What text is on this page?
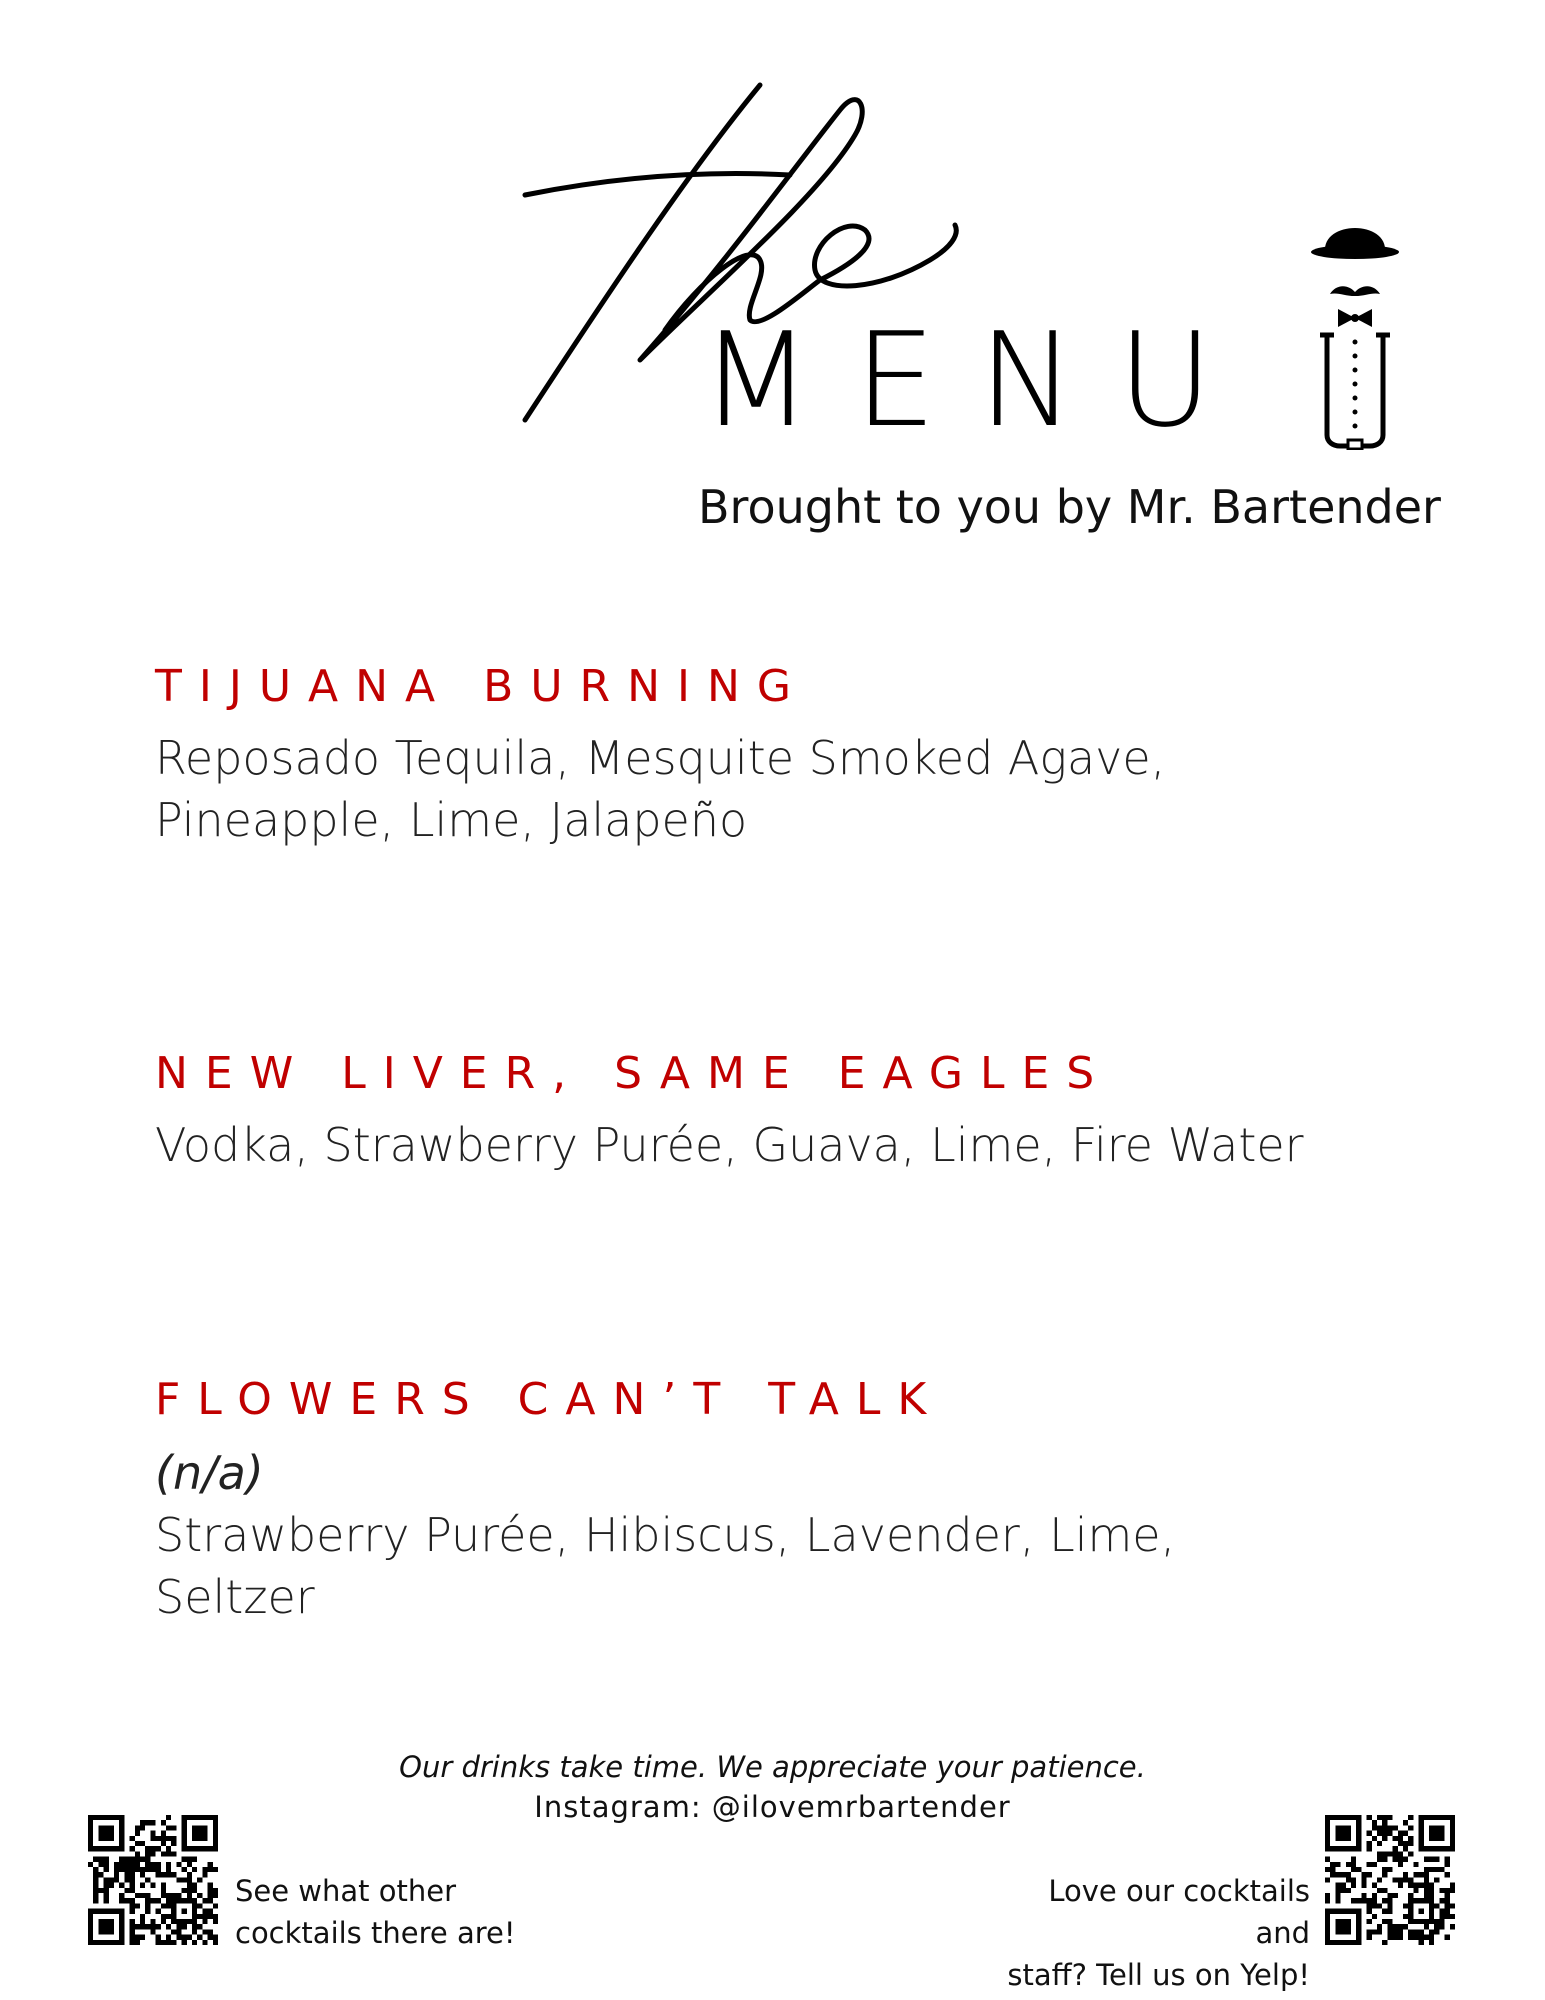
MENU
Brought to you by Mr. Bartender
TIJUANA BURNING
Reposado Tequila, Mesquite Smoked Agave,
Pineapple, Lime, Jalapeño
NEW LIVER, SAME EAGLES
Vodka, Strawberry Purée, Guava, Lime, Fire Water
FLOWERS CAN’T TALK
(n/a)
Strawberry Purée, Hibiscus, Lavender, Lime,
Seltzer
Our drinks take time. We appreciate your patience.
Instagram: @ilovemrbartender
See what other
cocktails there are!
Love our cocktails and
staff? Tell us on Yelp!
